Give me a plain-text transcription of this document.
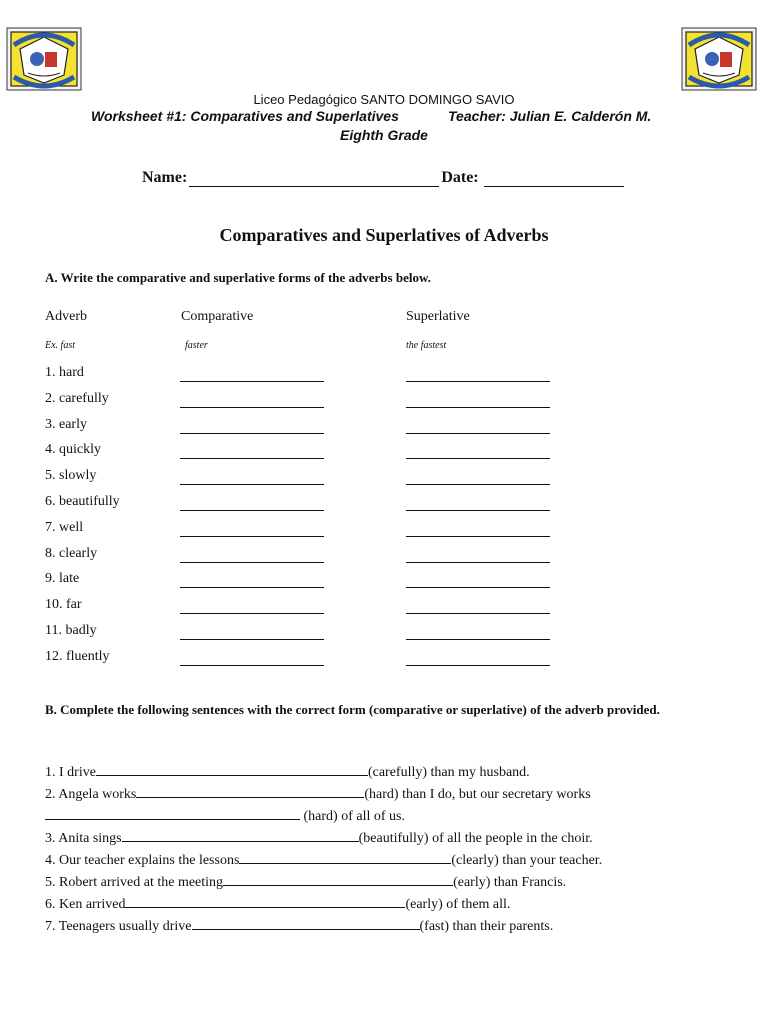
Liceo Pedagógico SANTO DOMINGO SAVIO
Worksheet #1: Comparatives and Superlatives	Teacher: Julian E. Calderón M.
Eighth Grade
Name:	Date:
Comparatives and Superlatives of Adverbs
A. Write the comparative and superlative forms of the adverbs below.
Adverb	Comparative	Superlative
Ex. fast	faster	the fastest
1. hard
2. carefully
3. early
4. quickly
5. slowly
6. beautifully
7. well
8. clearly
9. late
10. far
11. badly
12. fluently
B. Complete the following sentences with the correct form (comparative or superlative) of the adverb provided.
1. I drive	(carefully) than my husband.
2. Angela works	(hard) than I do, but our secretary works
(hard) of all of us.
3. Anita sings	(beautifully) of all the people in the choir.
4. Our teacher explains the lessons	(clearly) than your teacher.
5. Robert arrived at the meeting	(early) than Francis.
6. Ken arrived	(early) of them all.
7. Teenagers usually drive	(fast) than their parents.
